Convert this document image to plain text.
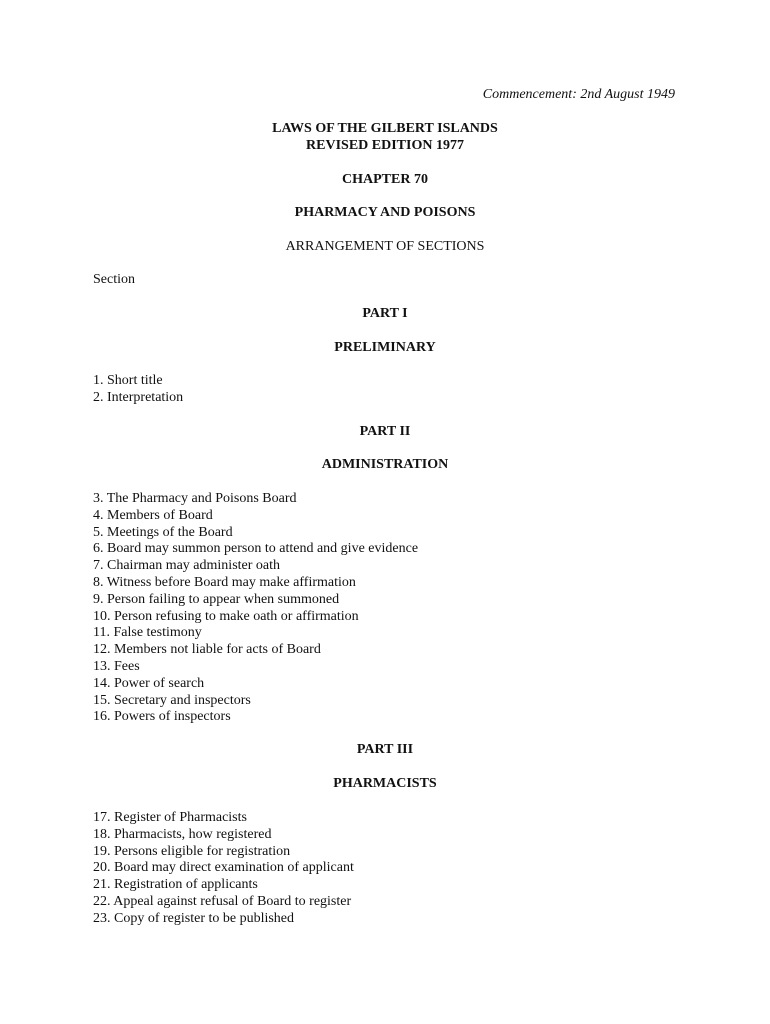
Commencement: 2nd August 1949
LAWS OF THE GILBERT ISLANDS
REVISED EDITION 1977
CHAPTER 70
PHARMACY AND POISONS
ARRANGEMENT OF SECTIONS
Section
PART I
PRELIMINARY
1. Short title
2. Interpretation
PART II
ADMINISTRATION
3. The Pharmacy and Poisons Board
4. Members of Board
5. Meetings of the Board
6. Board may summon person to attend and give evidence
7. Chairman may administer oath
8. Witness before Board may make affirmation
9. Person failing to appear when summoned
10. Person refusing to make oath or affirmation
11. False testimony
12. Members not liable for acts of Board
13. Fees
14. Power of search
15. Secretary and inspectors
16. Powers of inspectors
PART III
PHARMACISTS
17. Register of Pharmacists
18. Pharmacists, how registered
19. Persons eligible for registration
20. Board may direct examination of applicant
21. Registration of applicants
22. Appeal against refusal of Board to register
23. Copy of register to be published
